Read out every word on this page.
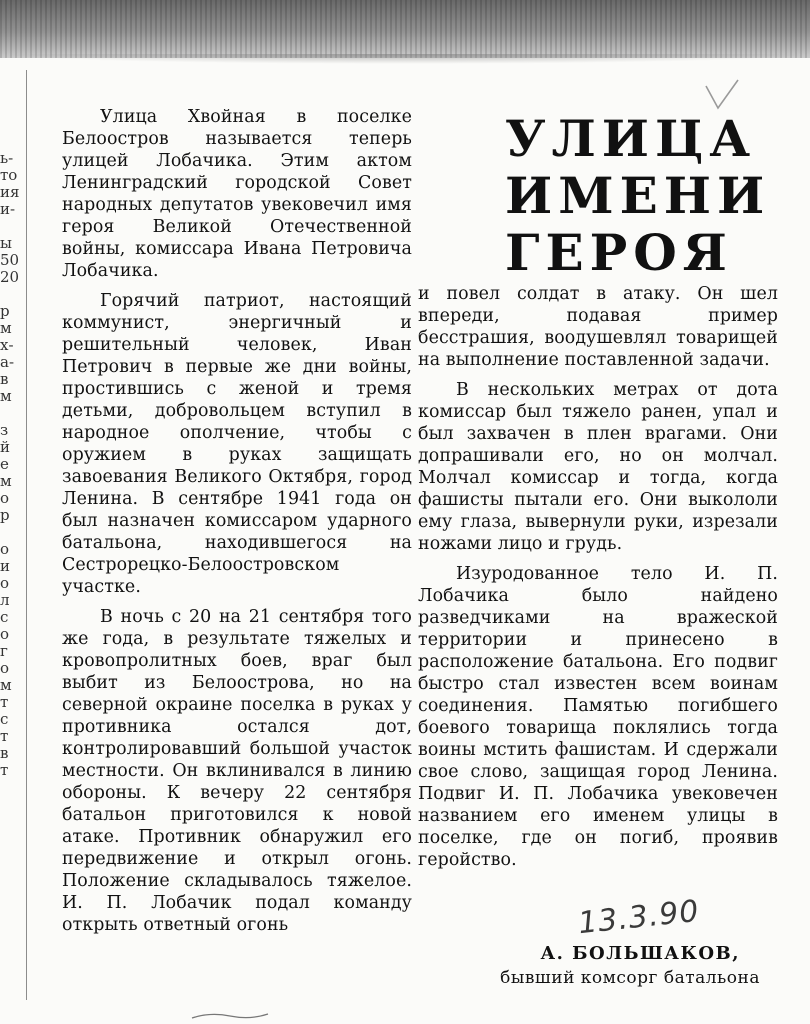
ь-
то
ия
и-

ы
50
20

р
м
х-
а-
в
м

з
й
е
м
о
р

о
и
о
л
с
о
г
о
м
т
с
т
в
т
УЛИЦА
ИМЕНИ
ГЕРОЯ

Улица Хвойная в поселке Белоостров называется теперь улицей Лобачика. Этим актом Ленинградский городской Совет народных депутатов увековечил имя героя Великой Отечественной войны, комиссара Ивана Петровича Лобачика.

Горячий патриот, настоящий коммунист, энергичный и решительный человек, Иван Петрович в первые же дни войны, простившись с женой и тремя детьми, добровольцем вступил в народное ополчение, чтобы с оружием в руках защищать завоевания Великого Октября, город Ленина. В сентябре 1941 года он был назначен комиссаром ударного батальона, находившегося на Сестрорецко-Белоостровском участке.

В ночь с 20 на 21 сентября того же года, в результате тяжелых и кровопролитных боев, враг был выбит из Белоострова, но на северной окраине поселка в руках у противника остался дот, контролировавший большой участок местности. Он вклинивался в линию обороны. К вечеру 22 сентября батальон приготовился к новой атаке. Противник обнаружил его передвижение и открыл огонь. Положение складывалось тяжелое. И. П. Лобачик подал команду открыть ответный огонь

и повел солдат в атаку. Он шел впереди, подавая пример бесстрашия, воодушевлял товарищей на выполнение поставленной задачи.

В нескольких метрах от дота комиссар был тяжело ранен, упал и был захвачен в плен врагами. Они допрашивали его, но он молчал. Молчал комиссар и тогда, когда фашисты пытали его. Они выкололи ему глаза, вывернули руки, изрезали ножами лицо и грудь.

Изуродованное тело И. П. Лобачика было найдено разведчиками на вражеской территории и принесено в расположение батальона. Его подвиг быстро стал известен всем воинам соединения. Памятью погибшего боевого товарища поклялись тогда воины мстить фашистам. И сдержали свое слово, защищая город Ленина. Подвиг И. П. Лобачика увековечен названием его именем улицы в поселке, где он погиб, проявив геройство.

13.3.90
А. БОЛЬШАКОВ,
бывший комсорг батальона
